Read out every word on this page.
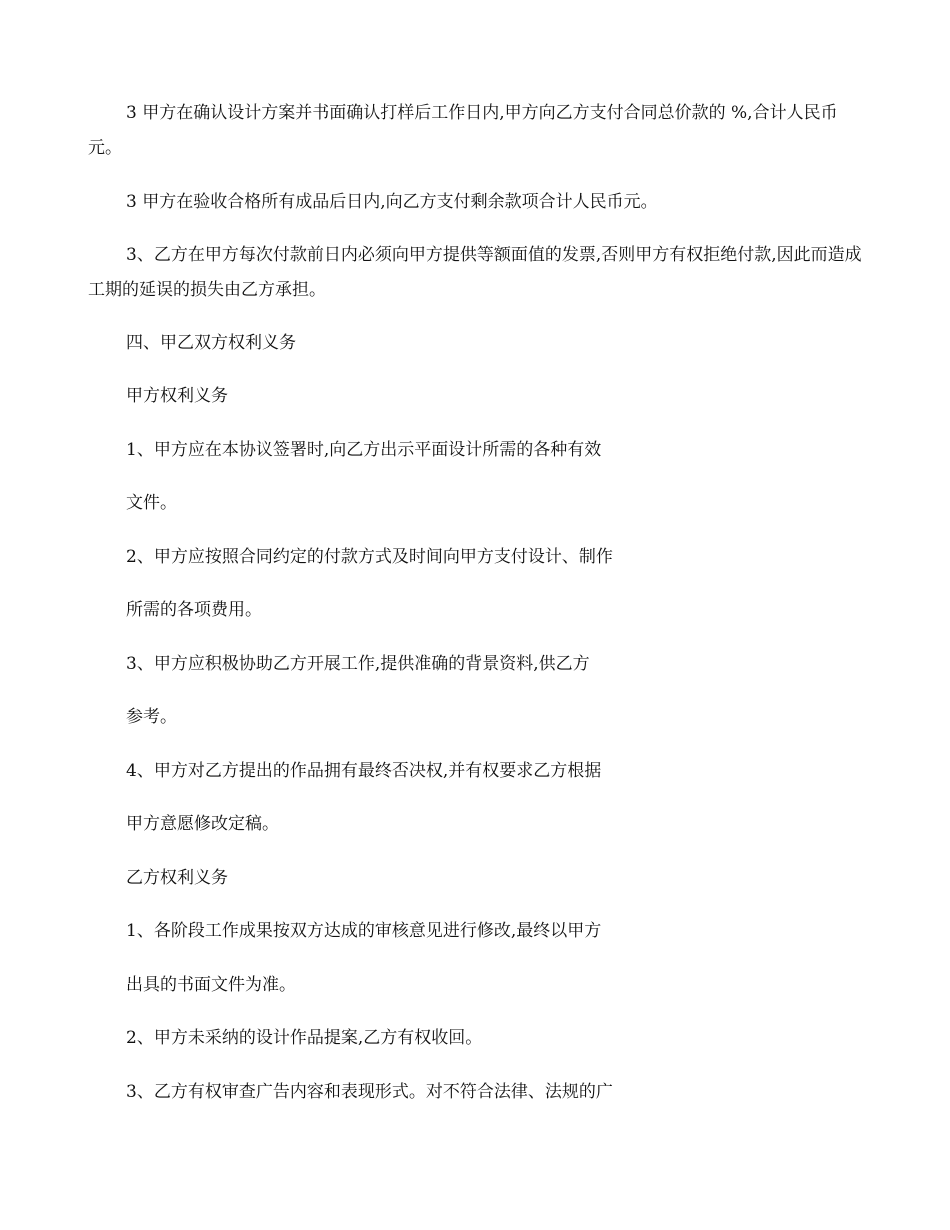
3 甲方在确认设计方案并书面确认打样后工作日内,甲方向乙方支付合同总价款的 %,合计人民币元。
3 甲方在验收合格所有成品后日内,向乙方支付剩余款项合计人民币元。
3、乙方在甲方每次付款前日内必须向甲方提供等额面值的发票,否则甲方有权拒绝付款,因此而造成工期的延误的损失由乙方承担。
四、甲乙双方权利义务
甲方权利义务
1、甲方应在本协议签署时,向乙方出示平面设计所需的各种有效
文件。
2、甲方应按照合同约定的付款方式及时间向甲方支付设计、制作
所需的各项费用。
3、甲方应积极协助乙方开展工作,提供准确的背景资料,供乙方
参考。
4、甲方对乙方提出的作品拥有最终否决权,并有权要求乙方根据
甲方意愿修改定稿。
乙方权利义务
1、各阶段工作成果按双方达成的审核意见进行修改,最终以甲方
出具的书面文件为准。
2、甲方未采纳的设计作品提案,乙方有权收回。
3、乙方有权审查广告内容和表现形式。对不符合法律、法规的广
